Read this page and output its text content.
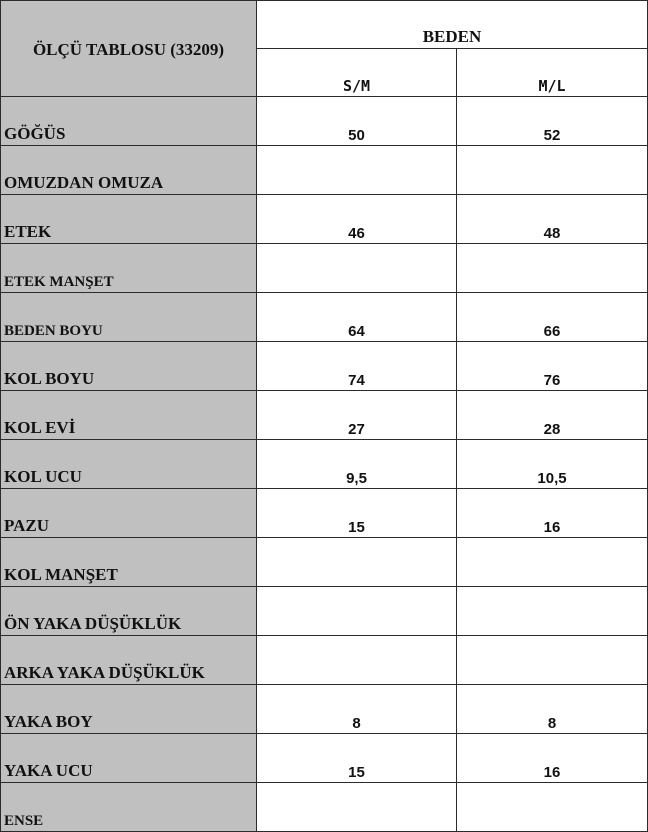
ÖLÇÜ TABLOSU (33209)	BEDEN	
	S/M	M/L
GÖĞÜS	50	52
OMUZDAN OMUZA		
ETEK	46	48
ETEK MANŞET		
BEDEN BOYU	64	66
KOL BOYU	74	76
KOL EVİ	27	28
KOL UCU	9,5	10,5
PAZU	15	16
KOL MANŞET		
ÖN YAKA DÜŞÜKLÜK		
ARKA YAKA DÜŞÜKLÜK		
YAKA BOY	8	8
YAKA UCU	15	16
ENSE		
